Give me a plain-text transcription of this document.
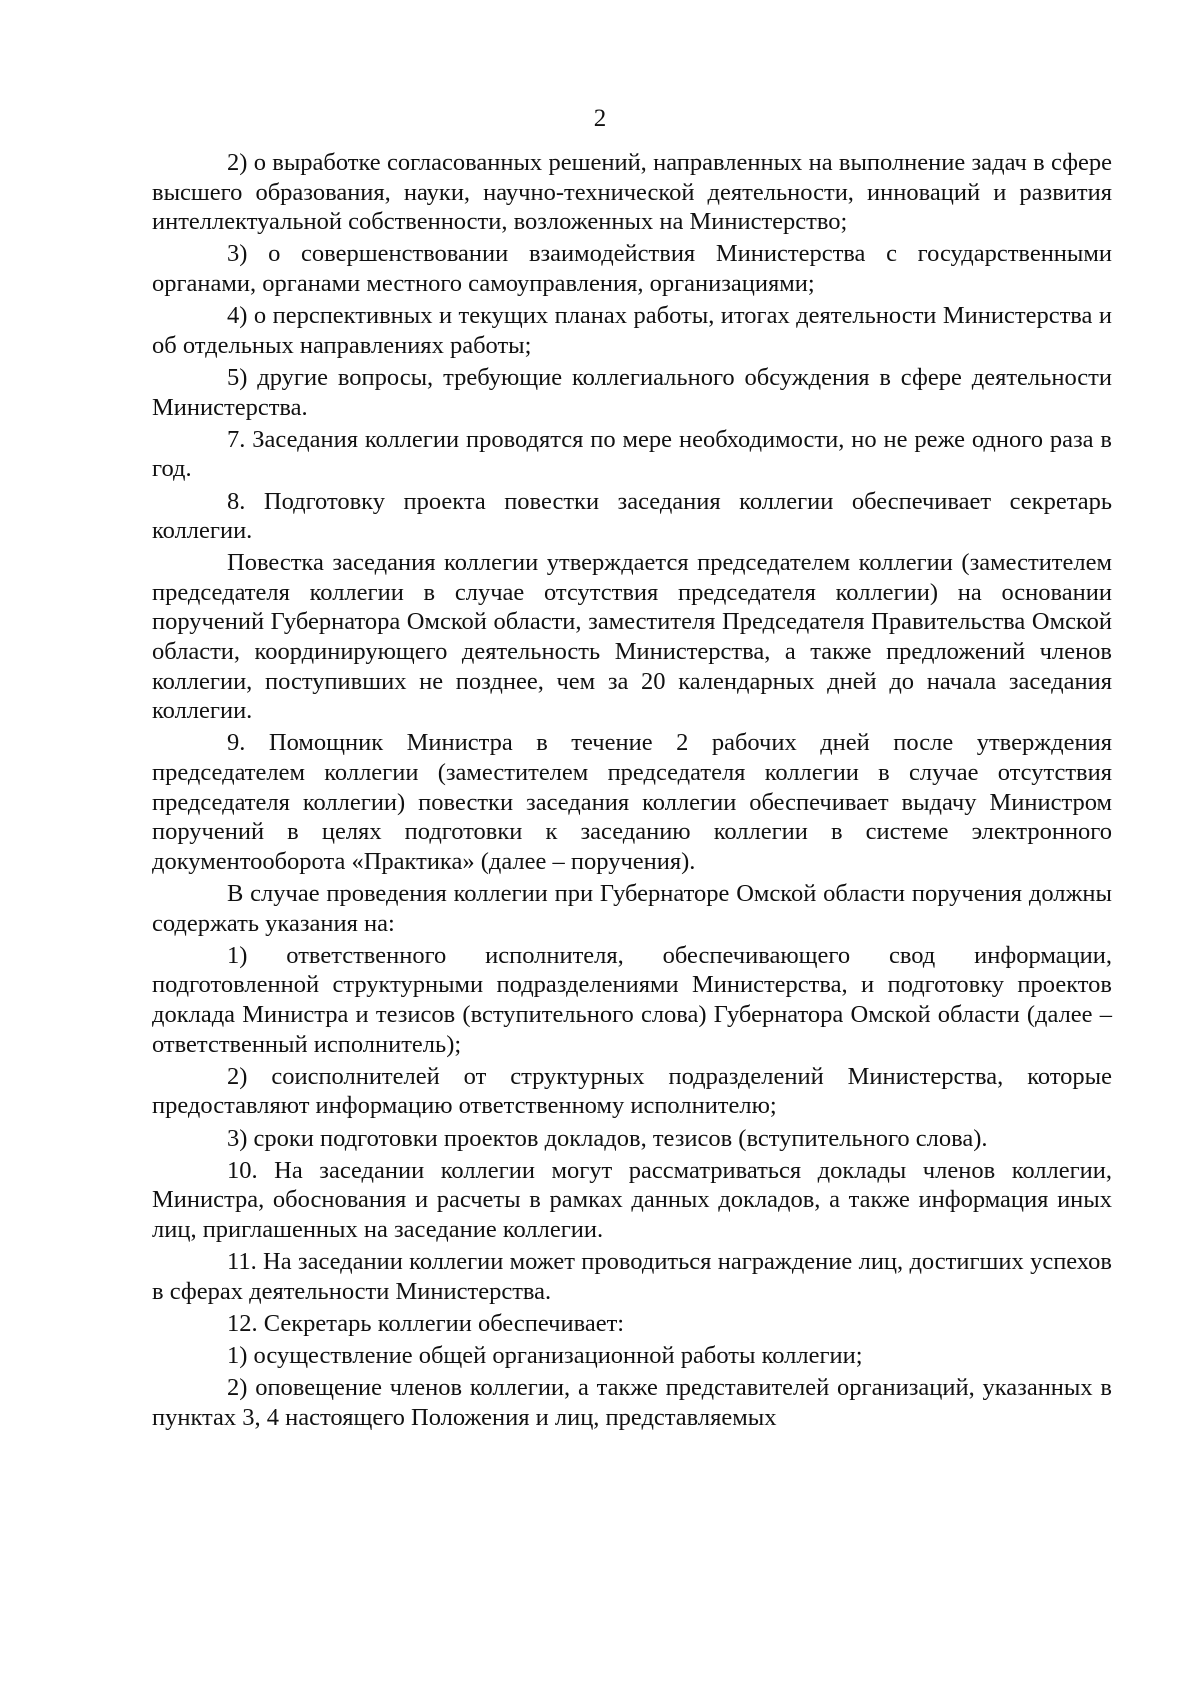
2

2) о выработке согласованных решений, направленных на выполнение задач в сфере высшего образования, науки, научно-технической деятельности, инноваций и развития интеллектуальной собственности, возложенных на Министерство;

3) о совершенствовании взаимодействия Министерства с государственными органами, органами местного самоуправления, организациями;

4) о перспективных и текущих планах работы, итогах деятельности Министерства и об отдельных направлениях работы;

5) другие вопросы, требующие коллегиального обсуждения в сфере деятельности Министерства.

7. Заседания коллегии проводятся по мере необходимости, но не реже одного раза в год.

8. Подготовку проекта повестки заседания коллегии обеспечивает секретарь коллегии.

Повестка заседания коллегии утверждается председателем коллегии (заместителем председателя коллегии в случае отсутствия председателя коллегии) на основании поручений Губернатора Омской области, заместителя Председателя Правительства Омской области, координирующего деятельность Министерства, а также предложений членов коллегии, поступивших не позднее, чем за 20 календарных дней до начала заседания коллегии.

9. Помощник Министра в течение 2 рабочих дней после утверждения председателем коллегии (заместителем председателя коллегии в случае отсутствия председателя коллегии) повестки заседания коллегии обеспечивает выдачу Министром поручений в целях подготовки к заседанию коллегии в системе электронного документооборота «Практика» (далее – поручения).

В случае проведения коллегии при Губернаторе Омской области поручения должны содержать указания на:

1) ответственного исполнителя, обеспечивающего свод информации, подготовленной структурными подразделениями Министерства, и подготовку проектов доклада Министра и тезисов (вступительного слова) Губернатора Омской области (далее – ответственный исполнитель);

2) соисполнителей от структурных подразделений Министерства, которые предоставляют информацию ответственному исполнителю;

3) сроки подготовки проектов докладов, тезисов (вступительного слова).

10. На заседании коллегии могут рассматриваться доклады членов коллегии, Министра, обоснования и расчеты в рамках данных докладов, а также информация иных лиц, приглашенных на заседание коллегии.

11. На заседании коллегии может проводиться награждение лиц, достигших успехов в сферах деятельности Министерства.

12. Секретарь коллегии обеспечивает:

1) осуществление общей организационной работы коллегии;

2) оповещение членов коллегии, а также представителей организаций, указанных в пунктах 3, 4 настоящего Положения и лиц, представляемых
